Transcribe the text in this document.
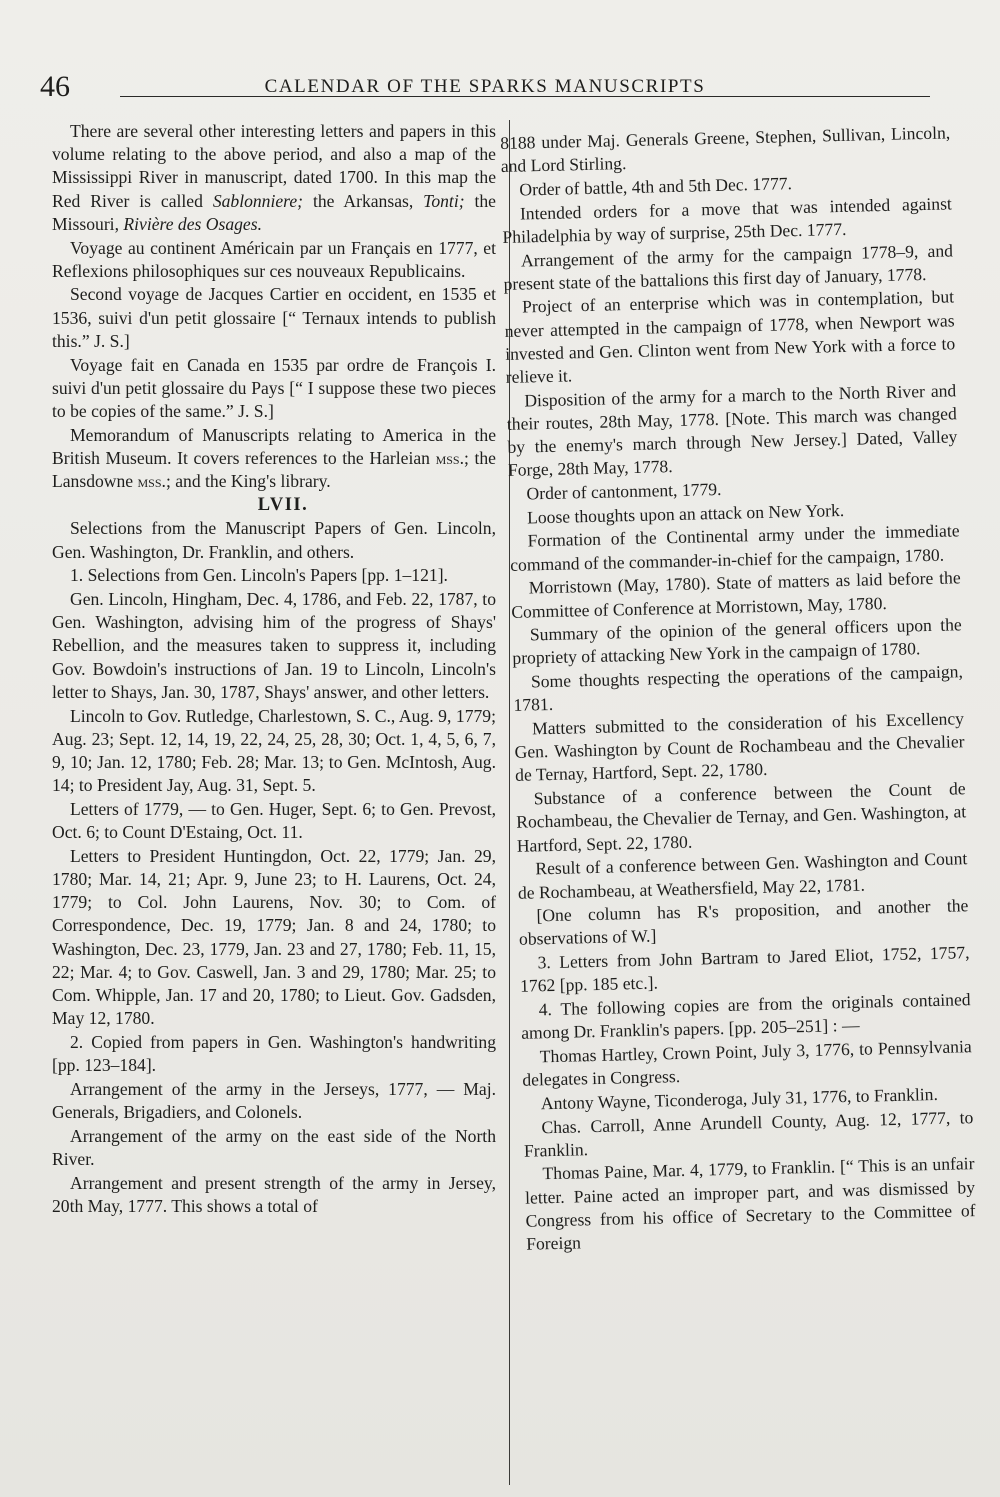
46	CALENDAR OF THE SPARKS MANUSCRIPTS

There are several other interesting letters and papers in this volume relating to the above period, and also a map of the Mississippi River in manuscript, dated 1700. In this map the Red River is called Sablonniere; the Arkansas, Tonti; the Missouri, Rivière des Osages.

Voyage au continent Américain par un Français en 1777, et Reflexions philosophiques sur ces nouveaux Republicains.

Second voyage de Jacques Cartier en occident, en 1535 et 1536, suivi d'un petit glossaire [“ Ternaux intends to publish this.” J. S.]

Voyage fait en Canada en 1535 par ordre de François I. suivi d'un petit glossaire du Pays [“ I suppose these two pieces to be copies of the same.” J. S.]

Memorandum of Manuscripts relating to America in the British Museum. It covers references to the Harleian mss.; the Lansdowne mss.; and the King's library.

LVII.

Selections from the Manuscript Papers of Gen. Lincoln, Gen. Washington, Dr. Franklin, and others.

1. Selections from Gen. Lincoln's Papers [pp. 1–121].

Gen. Lincoln, Hingham, Dec. 4, 1786, and Feb. 22, 1787, to Gen. Washington, advising him of the progress of Shays' Rebellion, and the measures taken to suppress it, including Gov. Bowdoin's instructions of Jan. 19 to Lincoln, Lincoln's letter to Shays, Jan. 30, 1787, Shays' answer, and other letters.

Lincoln to Gov. Rutledge, Charlestown, S. C., Aug. 9, 1779; Aug. 23; Sept. 12, 14, 19, 22, 24, 25, 28, 30; Oct. 1, 4, 5, 6, 7, 9, 10; Jan. 12, 1780; Feb. 28; Mar. 13; to Gen. McIntosh, Aug. 14; to President Jay, Aug. 31, Sept. 5.

Letters of 1779, — to Gen. Huger, Sept. 6; to Gen. Prevost, Oct. 6; to Count D'Estaing, Oct. 11.

Letters to President Huntingdon, Oct. 22, 1779; Jan. 29, 1780; Mar. 14, 21; Apr. 9, June 23; to H. Laurens, Oct. 24, 1779; to Col. John Laurens, Nov. 30; to Com. of Correspondence, Dec. 19, 1779; Jan. 8 and 24, 1780; to Washington, Dec. 23, 1779, Jan. 23 and 27, 1780; Feb. 11, 15, 22; Mar. 4; to Gov. Caswell, Jan. 3 and 29, 1780; Mar. 25; to Com. Whipple, Jan. 17 and 20, 1780; to Lieut. Gov. Gadsden, May 12, 1780.

2. Copied from papers in Gen. Washington's handwriting [pp. 123–184].

Arrangement of the army in the Jerseys, 1777, — Maj. Generals, Brigadiers, and Colonels.

Arrangement of the army on the east side of the North River.

Arrangement and present strength of the army in Jersey, 20th May, 1777. This shows a total of

8188 under Maj. Generals Greene, Stephen, Sullivan, Lincoln, and Lord Stirling.

Order of battle, 4th and 5th Dec. 1777.

Intended orders for a move that was intended against Philadelphia by way of surprise, 25th Dec. 1777.

Arrangement of the army for the campaign 1778–9, and present state of the battalions this first day of January, 1778.

Project of an enterprise which was in contemplation, but never attempted in the campaign of 1778, when Newport was invested and Gen. Clinton went from New York with a force to relieve it.

Disposition of the army for a march to the North River and their routes, 28th May, 1778. [Note. This march was changed by the enemy's march through New Jersey.] Dated, Valley Forge, 28th May, 1778.

Order of cantonment, 1779.

Loose thoughts upon an attack on New York.

Formation of the Continental army under the immediate command of the commander-in-chief for the campaign, 1780.

Morristown (May, 1780). State of matters as laid before the Committee of Conference at Morristown, May, 1780.

Summary of the opinion of the general officers upon the propriety of attacking New York in the campaign of 1780.

Some thoughts respecting the operations of the campaign, 1781.

Matters submitted to the consideration of his Excellency Gen. Washington by Count de Rochambeau and the Chevalier de Ternay, Hartford, Sept. 22, 1780.

Substance of a conference between the Count de Rochambeau, the Chevalier de Ternay, and Gen. Washington, at Hartford, Sept. 22, 1780.

Result of a conference between Gen. Washington and Count de Rochambeau, at Weathersfield, May 22, 1781.

[One column has R's proposition, and another the observations of W.]

3. Letters from John Bartram to Jared Eliot, 1752, 1757, 1762 [pp. 185 etc.].

4. The following copies are from the originals contained among Dr. Franklin's papers. [pp. 205–251] : —

Thomas Hartley, Crown Point, July 3, 1776, to Pennsylvania delegates in Congress.

Antony Wayne, Ticonderoga, July 31, 1776, to Franklin.

Chas. Carroll, Anne Arundell County, Aug. 12, 1777, to Franklin.

Thomas Paine, Mar. 4, 1779, to Franklin. [“ This is an unfair letter. Paine acted an improper part, and was dismissed by Congress from his office of Secretary to the Committee of Foreign
